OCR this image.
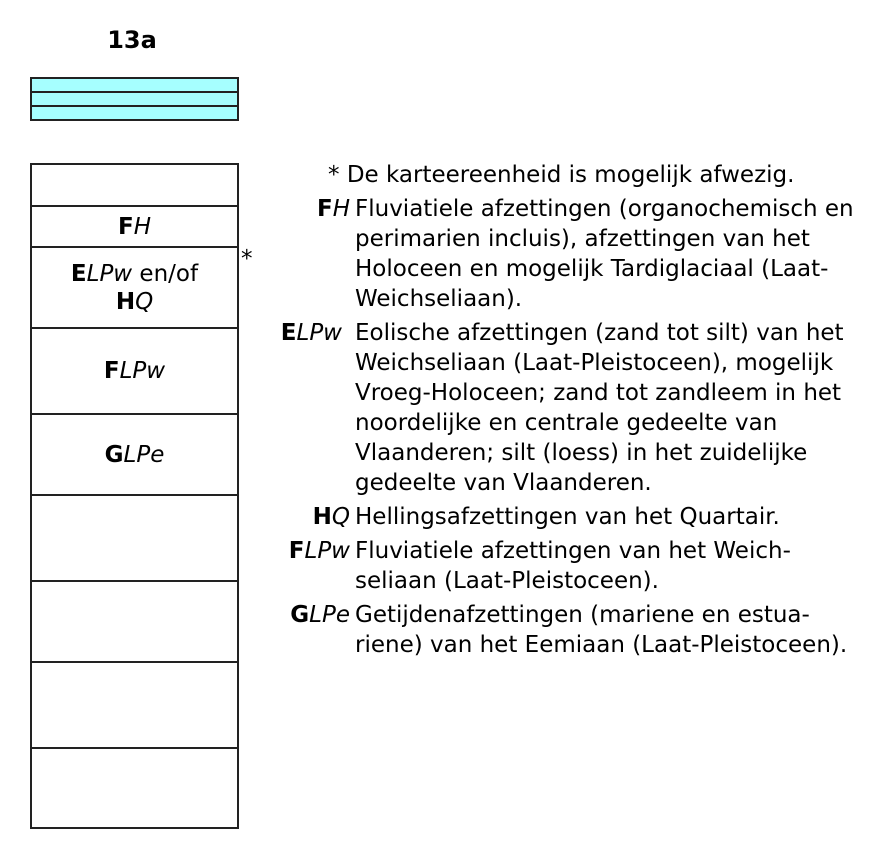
13a
FH
ELPw en/of
HQ
FLPw
GLPe
*
* De karteereenheid is mogelijk afwezig.
FH Fluviatiele afzettingen (organochemisch en perimarien incluis), afzettingen van het Holoceen en mogelijk Tardiglaciaal (Laat-Weichseliaan).
ELPw Eolische afzettingen (zand tot silt) van het Weichseliaan (Laat-Pleistoceen), mogelijk Vroeg-Holoceen; zand tot zandleem in het noordelijke en centrale gedeelte van Vlaanderen; silt (loess) in het zuidelijke gedeelte van Vlaanderen.
HQ Hellingsafzettingen van het Quartair.
FLPw Fluviatiele afzettingen van het Weich- seliaan (Laat-Pleistoceen).
GLPe Getijdenafzettingen (mariene en estua- riene) van het Eemiaan (Laat-Pleistoceen).
